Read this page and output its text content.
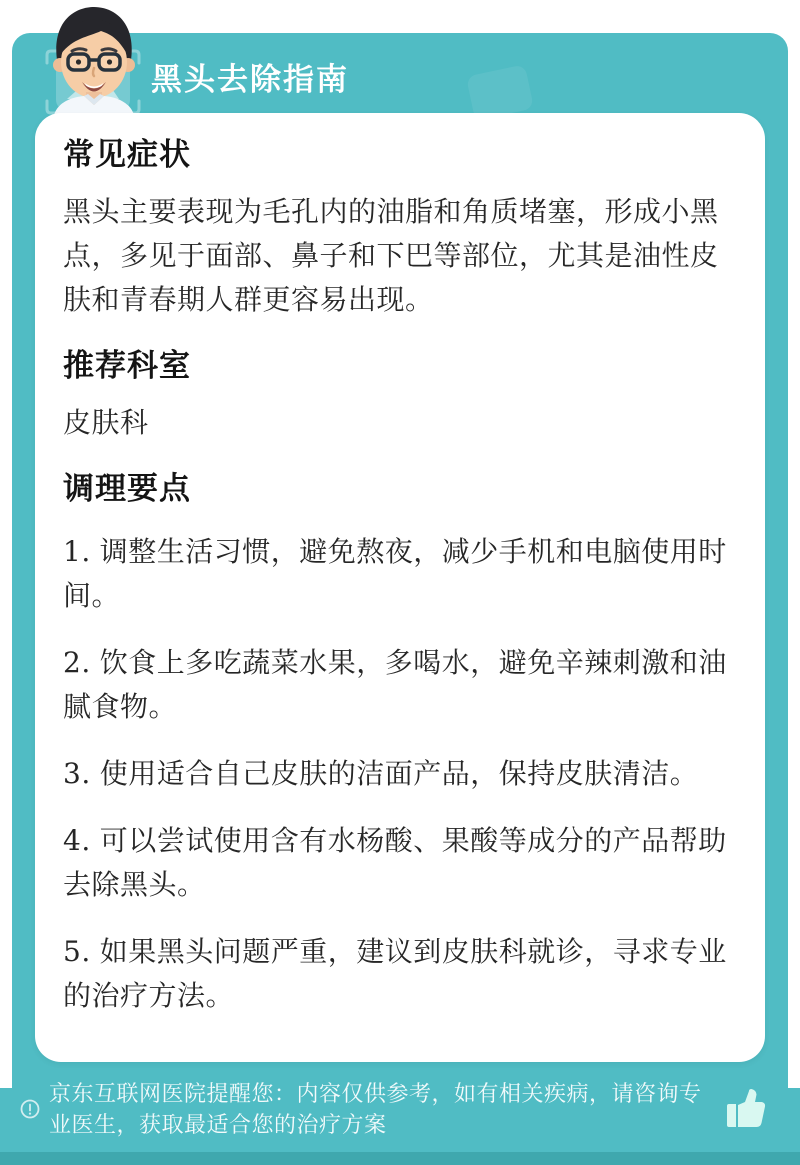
黑头去除指南
常见症状

黑头主要表现为毛孔内的油脂和角质堵塞，形成小黑点，多见于面部、鼻子和下巴等部位，尤其是油性皮肤和青春期人群更容易出现。

推荐科室

皮肤科

调理要点

1. 调整生活习惯，避免熬夜，减少手机和电脑使用时间。

2. 饮食上多吃蔬菜水果，多喝水，避免辛辣刺激和油腻食物。

3. 使用适合自己皮肤的洁面产品，保持皮肤清洁。

4. 可以尝试使用含有水杨酸、果酸等成分的产品帮助去除黑头。

5. 如果黑头问题严重，建议到皮肤科就诊，寻求专业的治疗方法。

京东互联网医院提醒您：内容仅供参考，如有相关疾病，请咨询专业医生，获取最适合您的治疗方案
